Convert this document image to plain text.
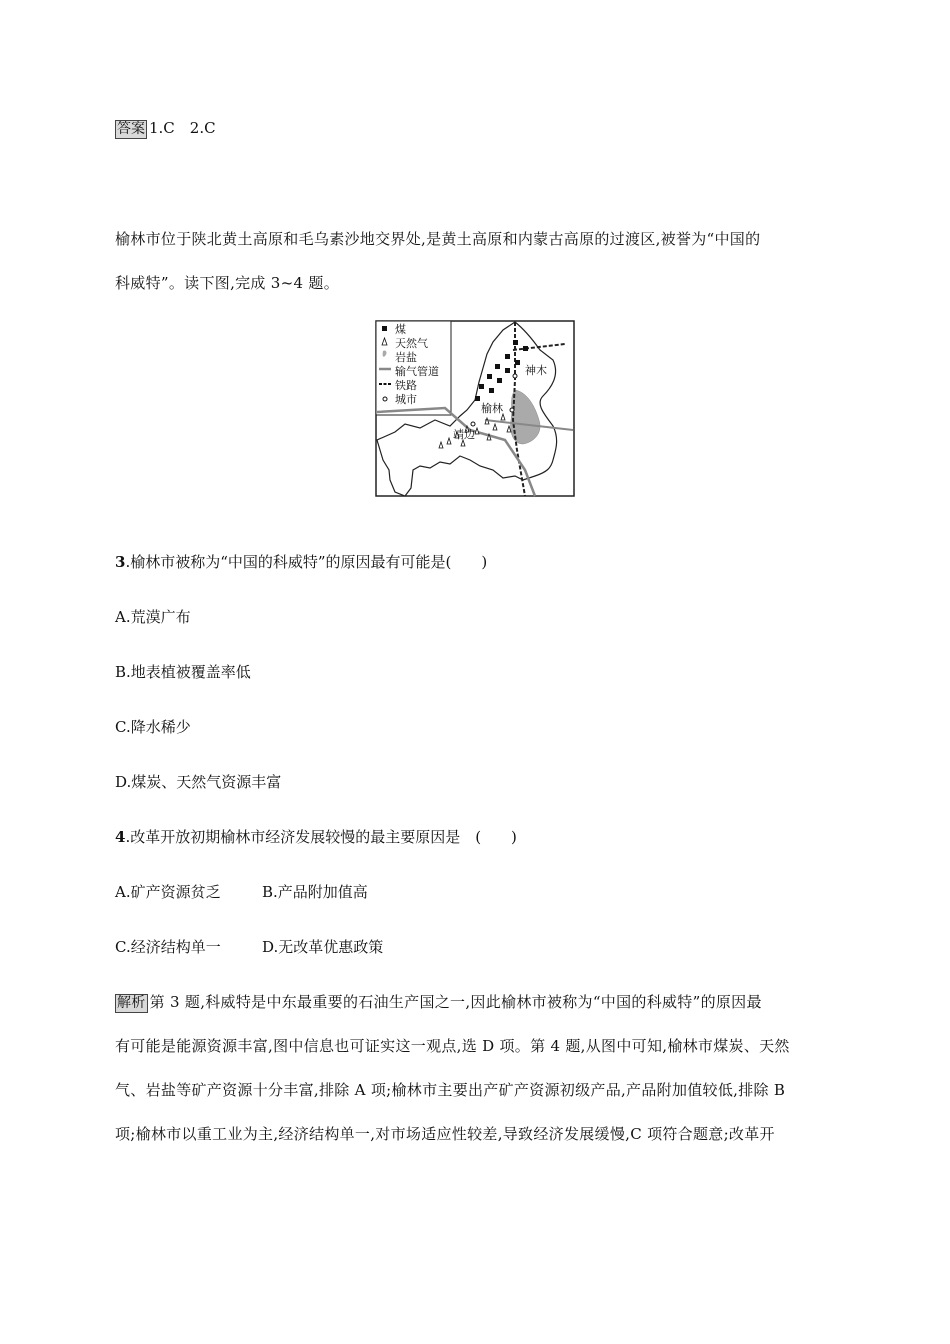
答案 1.C　2.C
榆林市位于陕北黄土高原和毛乌素沙地交界处,是黄土高原和内蒙古高原的过渡区,被誉为“中国的
科威特”。读下图,完成 3~4 题。
神木
榆林
靖边
煤
天然气
岩盐
输气管道
铁路
城市
3.榆林市被称为“中国的科威特”的原因最有可能是(　　)
A.荒漠广布
B.地表植被覆盖率低
C.降水稀少
D.煤炭、天然气资源丰富
4.改革开放初期榆林市经济发展较慢的最主要原因是　(　　)
A.矿产资源贫乏	B.产品附加值高
C.经济结构单一	D.无改革优惠政策
解析 第 3 题,科威特是中东最重要的石油生产国之一,因此榆林市被称为“中国的科威特”的原因最
有可能是能源资源丰富,图中信息也可证实这一观点,选 D 项。第 4 题,从图中可知,榆林市煤炭、天然
气、岩盐等矿产资源十分丰富,排除 A 项;榆林市主要出产矿产资源初级产品,产品附加值较低,排除 B
项;榆林市以重工业为主,经济结构单一,对市场适应性较差,导致经济发展缓慢,C 项符合题意;改革开
